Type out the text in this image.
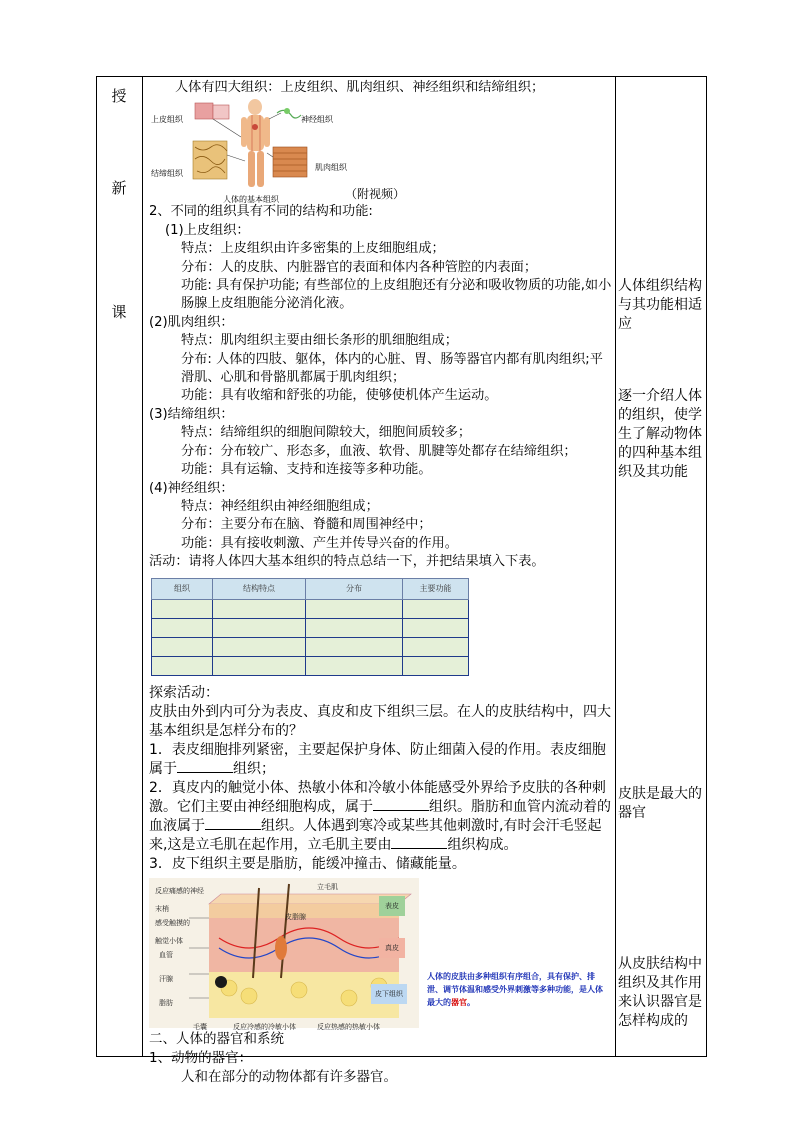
授
新
课

人体有四大组织：上皮组织、肌肉组织、神经组织和结缔组织；

上皮组织
结缔组织
神经组织
肌肉组织
人体的基本组织	（附视频）

2、不同的组织具有不同的结构和功能:

(1)上皮组织：

特点：上皮组织由许多密集的上皮细胞组成；

分布：人的皮肤、内脏器官的表面和体内各种管腔的内表面；

功能: 具有保护功能; 有些部位的上皮组胞还有分泌和吸收物质的功能,如小肠腺上皮组胞能分泌消化液。

(2)肌肉组织：

特点：肌肉组织主要由细长条形的肌细胞组成；

分布: 人体的四肢、躯体，体内的心脏、胃、肠等器官内都有肌肉组织;平滑肌、心肌和骨骼肌都属于肌肉组织；

功能：具有收缩和舒张的功能，使够使机体产生运动。

(3)结缔组织：

特点：结缔组织的细胞间隙较大，细胞间质较多；

分布：分布较广、形态多，血液、软骨、肌腱等处都存在结缔组织；

功能：具有运输、支持和连接等多种功能。

(4)神经组织：

特点：神经组织由神经细胞组成；

分布：主要分布在脑、脊髓和周围神经中；

功能：具有接收刺激、产生并传导兴奋的作用。

活动：请将人体四大基本组织的特点总结一下，并把结果填入下表。

组织	结构特点	分布	主要功能

探索活动：

皮肤由外到内可分为表皮、真皮和皮下组织三层。在人的皮肤结构中，四大基本组织是怎样分布的？

1．表皮细胞排列紧密，主要起保护身体、防止细菌入侵的作用。表皮细胞属于	组织；

2．真皮内的触觉小体、热敏小体和冷敏小体能感受外界给予皮肤的各种刺激。它们主要由神经细胞构成，属于	组织。脂肪和血管内流动着的血液属于	组织。人体遇到寒冷或某些其他刺激时,有时会汗毛竖起来,这是立毛肌在起作用，立毛肌主要由	组织构成。

3．皮下组织主要是脂肪，能缓冲撞击、储藏能量。

反应痛感的神经末梢
立毛肌
皮脂腺
感受触摸的触觉小体
血管
汗腺
脂肪
毛囊	反应冷感的冷敏小体	反应热感的热敏小体
表皮
真皮
皮下组织

人体的皮肤由多种组织有序组合，具有保护、排泄、调节体温和感受外界刺激等多种功能，是人体最大的器官。

二、人体的器官和系统

1、动物的器官：

人和在部分的动物体都有许多器官。

人体组织结构与其功能相适应
逐一介绍人体的组织，使学生了解动物体的四种基本组织及其功能
皮肤是最大的器官
从皮肤结构中组织及其作用来认识器官是怎样构成的
